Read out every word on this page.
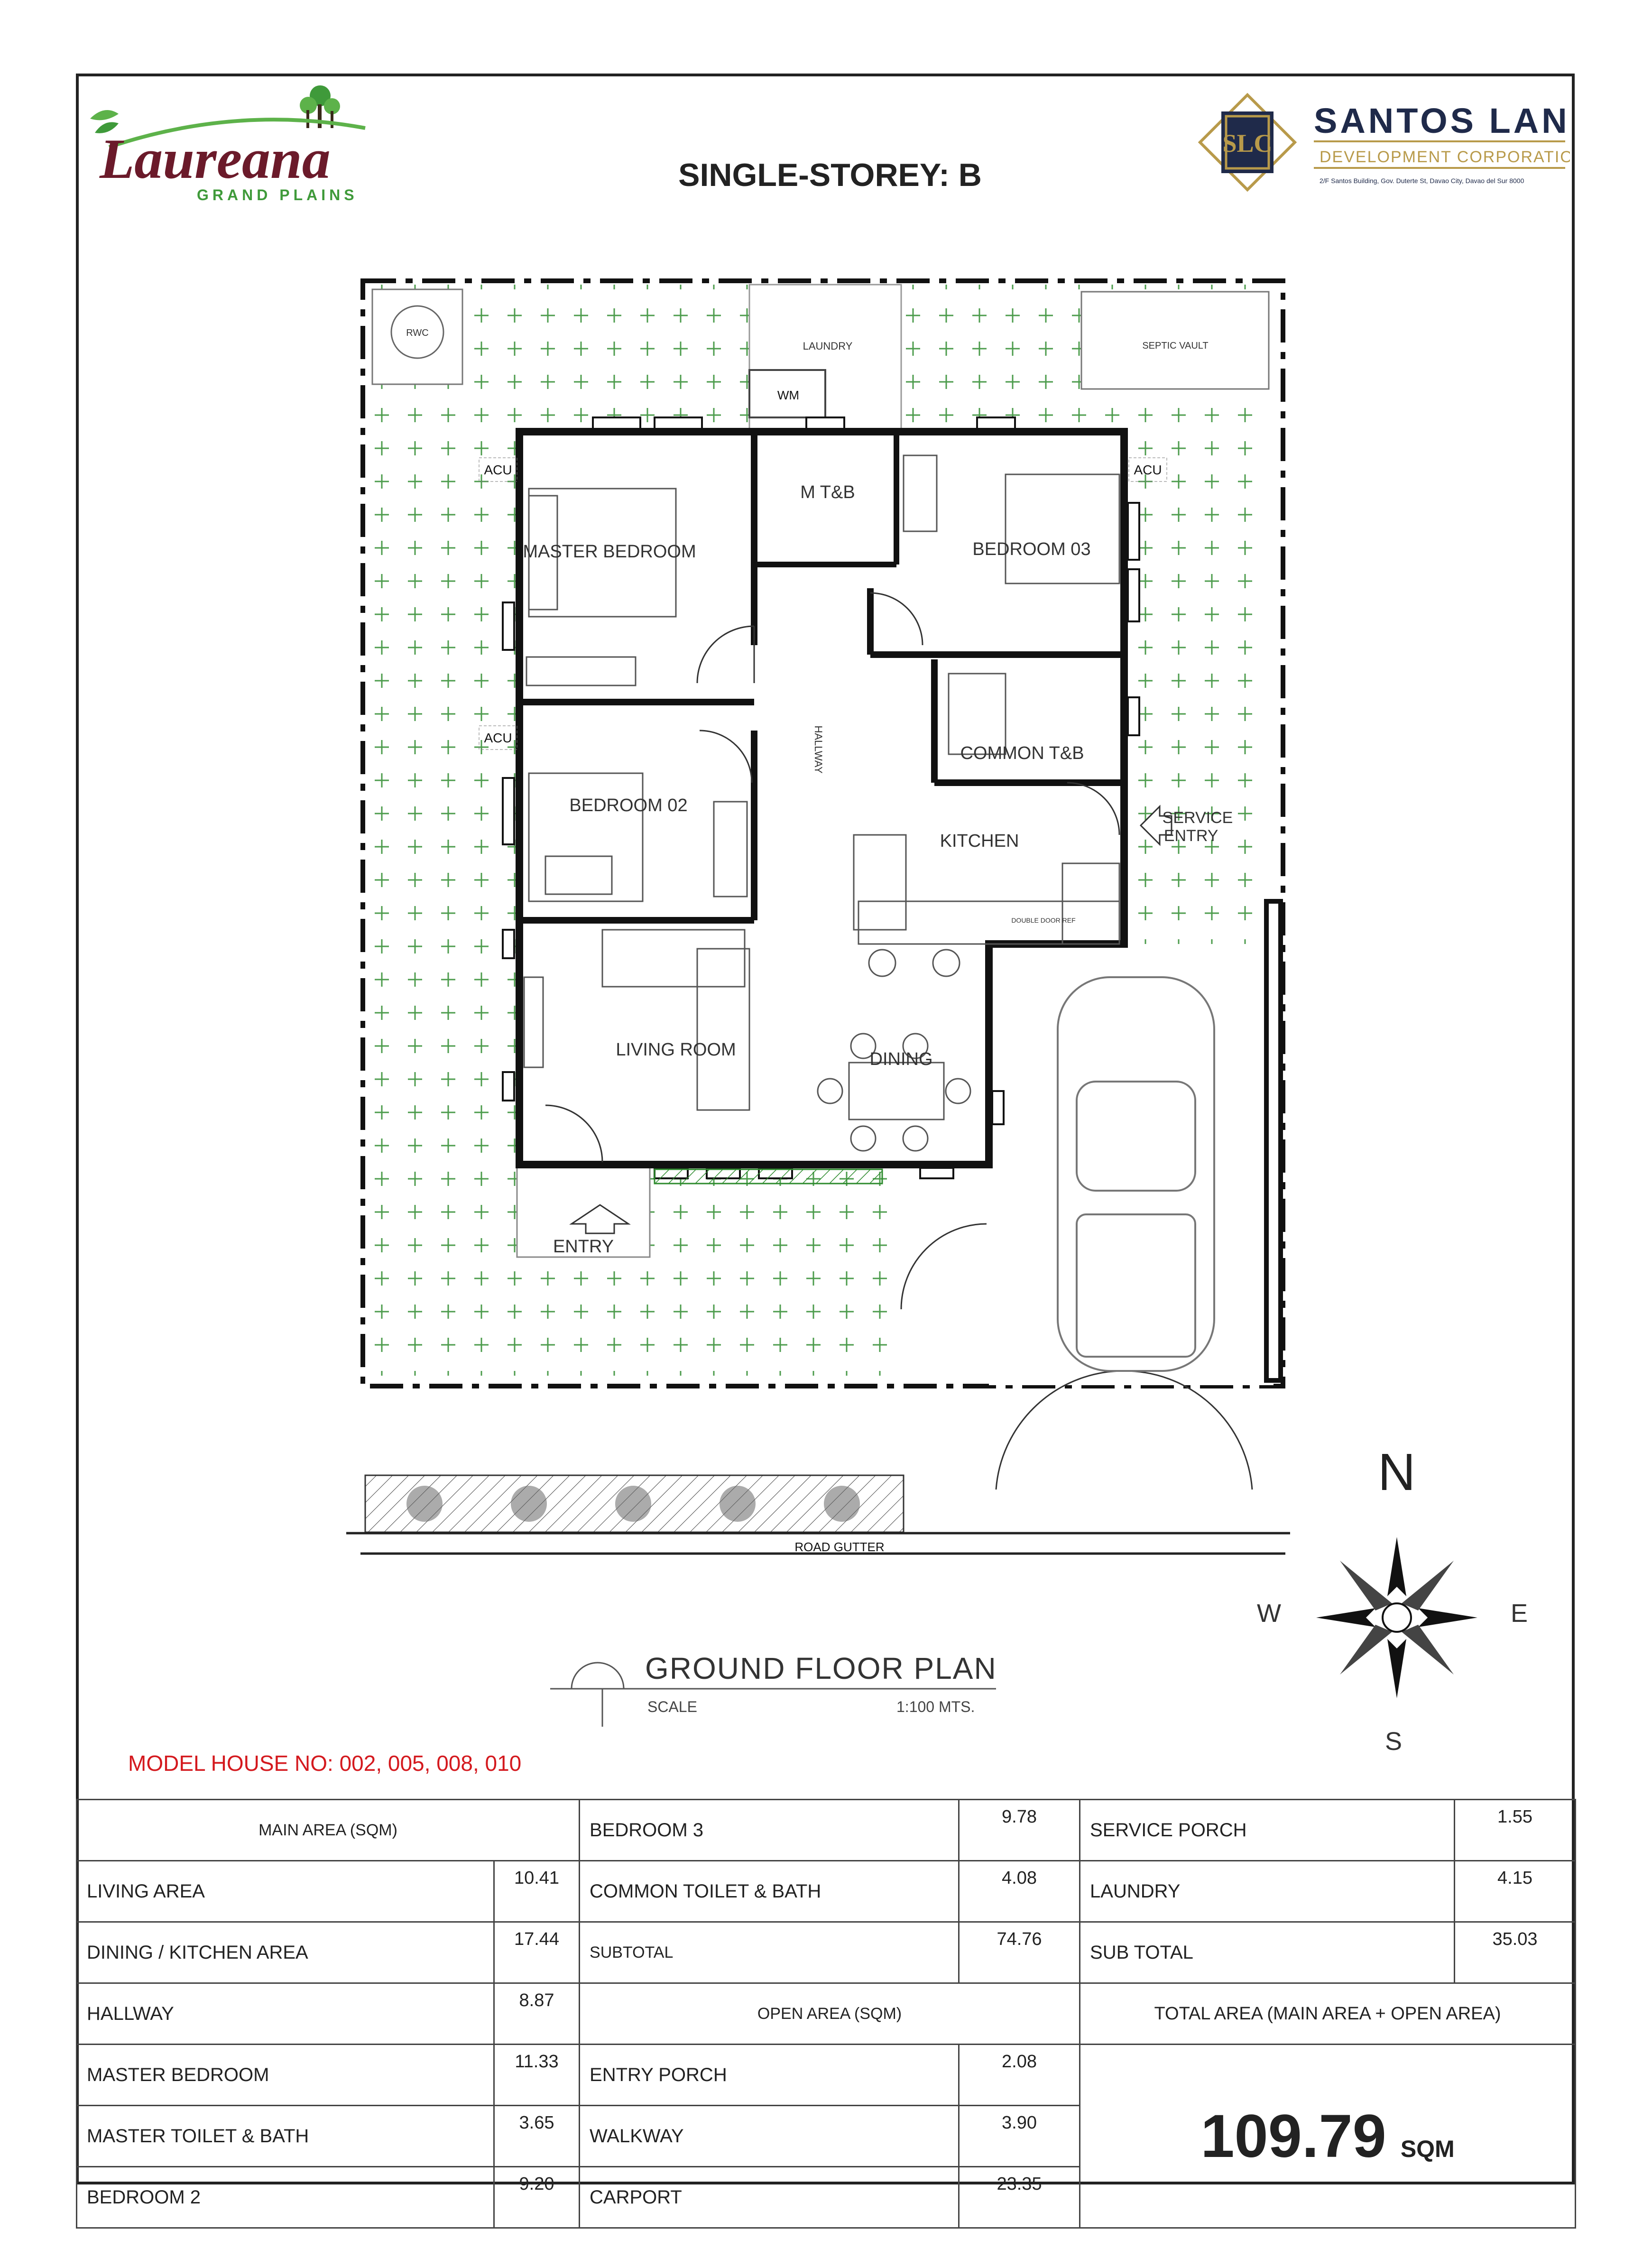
Laureana
GRAND PLAINS
SLC
SANTOS LAND
DEVELOPMENT CORPORATION
2/F Santos Building, Gov. Duterte St, Davao City, Davao del Sur 8000
SINGLE-STOREY: B
LAUNDRY
WM
RWC
SEPTIC VAULT
ROAD GUTTER
MASTER BEDROOM
M T&B
BEDROOM 03
BEDROOM 02
COMMON T&B
KITCHEN
LIVING ROOM	DINING
ENTRY
DOUBLE DOOR REF
HALLWAY
SERVICE ENTRY
ACU	ACU
ACU
N
W	E
S
GROUND FLOOR PLAN
SCALE	1:100 MTS.
MODEL HOUSE NO: 002, 005, 008, 010
MAIN AREA (SQM)		BEDROOM 3	9.78	SERVICE PORCH	1.55
LIVING AREA	10.41	COMMON TOILET & BATH	4.08	LAUNDRY	4.15
DINING / KITCHEN AREA	17.44	SUBTOTAL	74.76	SUB TOTAL	35.03
HALLWAY	8.87	OPEN AREA (SQM)		TOTAL AREA (MAIN AREA + OPEN AREA)	
MASTER BEDROOM	11.33	ENTRY PORCH	2.08	109.79 SQM	
MASTER TOILET & BATH	3.65	WALKWAY	3.90		
BEDROOM 2	9.20	CARPORT	23.35		
